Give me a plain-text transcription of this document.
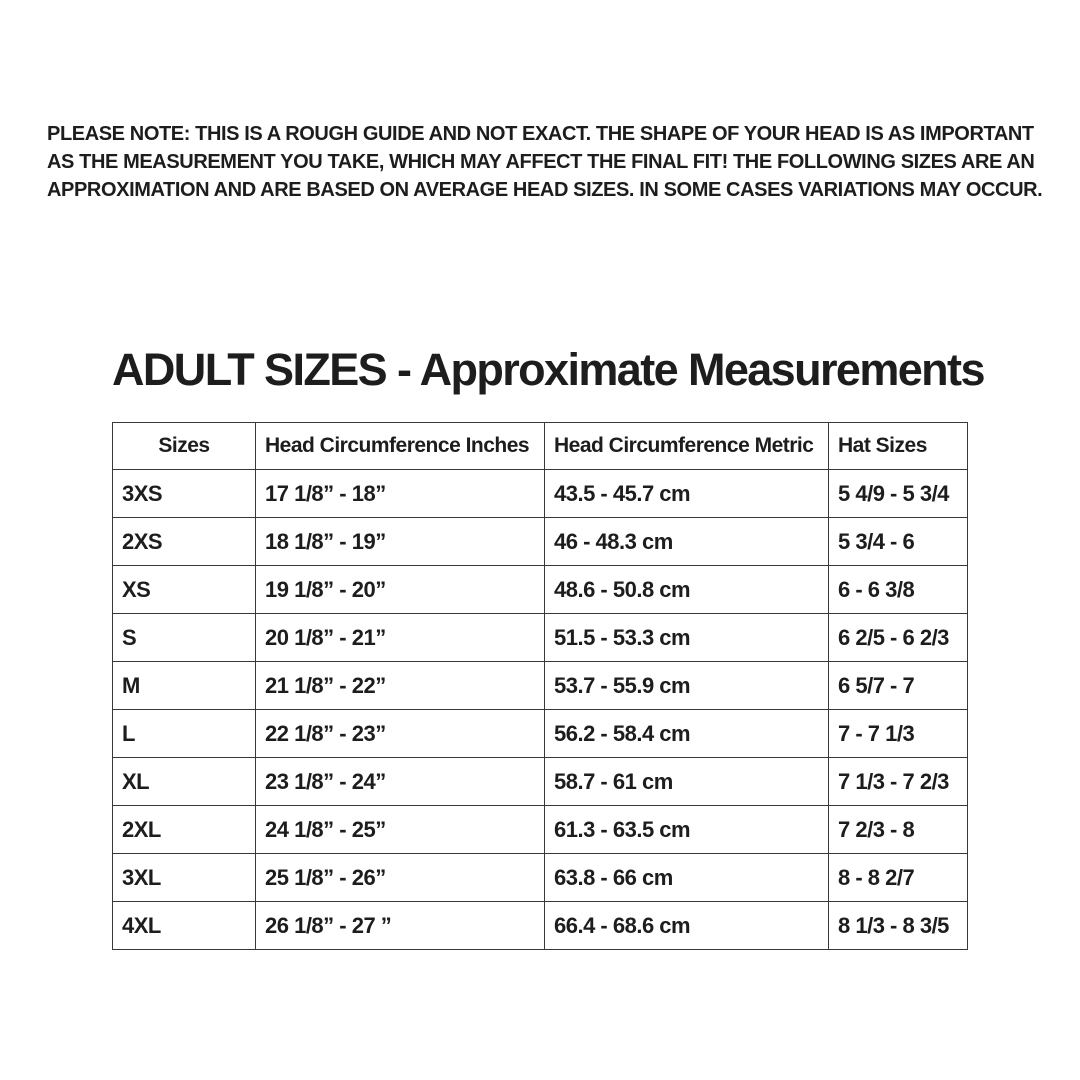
PLEASE NOTE: THIS IS A ROUGH GUIDE AND NOT EXACT. THE SHAPE OF YOUR HEAD IS AS IMPORTANT
AS THE MEASUREMENT YOU TAKE, WHICH MAY AFFECT THE FINAL FIT! THE FOLLOWING SIZES ARE AN
APPROXIMATION AND ARE BASED ON AVERAGE HEAD SIZES. IN SOME CASES VARIATIONS MAY OCCUR.
ADULT SIZES - Approximate Measurements
Sizes	Head Circumference Inches	Head Circumference Metric	Hat Sizes
3XS	17 1/8” - 18”	43.5 - 45.7 cm	5 4/9 - 5 3/4
2XS	18 1/8” - 19”	46 - 48.3 cm	5 3/4 - 6
XS	19 1/8” - 20”	48.6 - 50.8 cm	6 - 6 3/8
S	20 1/8” - 21”	51.5 - 53.3 cm	6 2/5 - 6 2/3
M	21 1/8” - 22”	53.7 - 55.9 cm	6 5/7 - 7
L	22 1/8” - 23”	56.2 - 58.4 cm	7 - 7 1/3
XL	23 1/8” - 24”	58.7 - 61 cm	7 1/3 - 7 2/3
2XL	24 1/8” - 25”	61.3 - 63.5 cm	7 2/3 - 8
3XL	25 1/8” - 26”	63.8 - 66 cm	8 - 8 2/7
4XL	26 1/8” - 27 ”	66.4 - 68.6 cm	8 1/3 - 8 3/5
